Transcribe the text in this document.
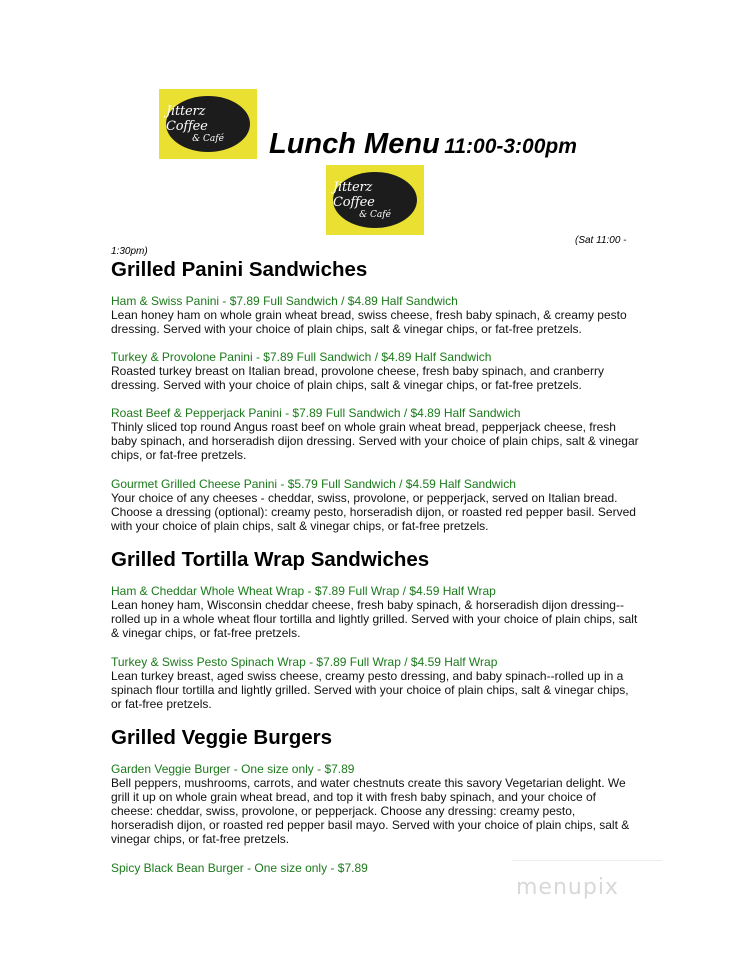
Jitterz Coffee
& Café
Jitterz Coffee
& Café
Lunch Menu 11:00-3:00pm
(Sat 11:00 -
1:30pm)
Grilled Panini Sandwiches
Ham & Swiss Panini - $7.89 Full Sandwich / $4.89 Half Sandwich
Lean honey ham on whole grain wheat bread, swiss cheese, fresh baby spinach, & creamy pesto dressing. Served with your choice of plain chips, salt & vinegar chips, or fat-free pretzels.
Turkey & Provolone Panini - $7.89 Full Sandwich / $4.89 Half Sandwich
Roasted turkey breast on Italian bread, provolone cheese, fresh baby spinach, and cranberry dressing. Served with your choice of plain chips, salt & vinegar chips, or fat-free pretzels.
Roast Beef & Pepperjack Panini - $7.89 Full Sandwich / $4.89 Half Sandwich
Thinly sliced top round Angus roast beef on whole grain wheat bread, pepperjack cheese, fresh baby spinach, and horseradish dijon dressing. Served with your choice of plain chips, salt & vinegar chips, or fat-free pretzels.
Gourmet Grilled Cheese Panini - $5.79 Full Sandwich / $4.59 Half Sandwich
Your choice of any cheeses - cheddar, swiss, provolone, or pepperjack, served on Italian bread. Choose a dressing (optional): creamy pesto, horseradish dijon, or roasted red pepper basil. Served with your choice of plain chips, salt & vinegar chips, or fat-free pretzels.
Grilled Tortilla Wrap Sandwiches
Ham & Cheddar Whole Wheat Wrap - $7.89 Full Wrap / $4.59 Half Wrap
Lean honey ham, Wisconsin cheddar cheese, fresh baby spinach, & horseradish dijon dressing--rolled up in a whole wheat flour tortilla and lightly grilled. Served with your choice of plain chips, salt & vinegar chips, or fat-free pretzels.
Turkey & Swiss Pesto Spinach Wrap - $7.89 Full Wrap / $4.59 Half Wrap
Lean turkey breast, aged swiss cheese, creamy pesto dressing, and baby spinach--rolled up in a spinach flour tortilla and lightly grilled. Served with your choice of plain chips, salt & vinegar chips, or fat-free pretzels.
Grilled Veggie Burgers
Garden Veggie Burger - One size only - $7.89
Bell peppers, mushrooms, carrots, and water chestnuts create this savory Vegetarian delight. We grill it up on whole grain wheat bread, and top it with fresh baby spinach, and your choice of cheese: cheddar, swiss, provolone, or pepperjack. Choose any dressing: creamy pesto, horseradish dijon, or roasted red pepper basil mayo. Served with your choice of plain chips, salt & vinegar chips, or fat-free pretzels.
Spicy Black Bean Burger - One size only - $7.89
menupix
